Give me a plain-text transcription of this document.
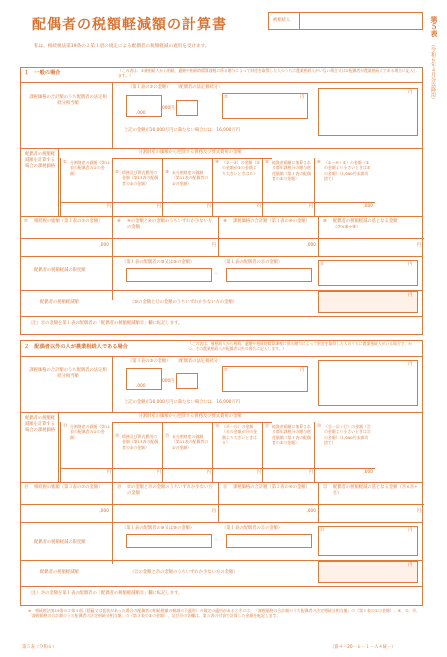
配偶者の税額軽減額の計算書	被相続人	第５表
（令和６年４月分以降用）
私は、相続税法第19条の２第１項の規定による配偶者の税額軽減の適用を受けます。
１　一般の場合	（この表は、①被相続人から相続、遺贈や相続時精算課税に係る贈与によって財産を取得した人のうちに農業相続人がいない場合又は②配偶者が農業相続人である場合に記入します。）
課税価格の合計額のうち配偶者の法定相続分相当額
（第１表の①の金額） 〔配偶者の法定相続分〕
,000
000円
⑦	円
上記の金額が16,000万円に満たない場合には、16,000万円
円
配偶者の税額軽減額を計算する場合の課税価格
分割財産の価額から控除する債務及び葬式費用の金額
① 分割財産の価額（第11表の配偶者の①の金額）
円
② 債務及び葬式費用の金額（第13表の配偶者の③の金額）
円
③ 未分割財産の価額（第11表の配偶者の②の金額）
円
④ （②－③）の金額（③の金額が②の金額より大きいときは０）
円
⑤ 純資産価額に加算される暦年課税分の贈与財産価額（第１表の配偶者の⑤の金額）
円
⑥ （①－④＋⑤）の金額（⑤の金額より小さいときは⑤の金額）（1,000円未満切捨て）
,000
⑦ 相続税の総額（第１表の⑦の金額）
,000
⑧ ④の金額と⑥の金額のうちいずれか少ない方の金額
円
⑨ 課税価格の合計額（第１表の④の金額）
,000
⑩ 配偶者の税額軽減の基となる金額（⑦×⑧÷⑨）
円
配偶者の税額軽減の限度額
（第１表の配偶者の⑨又は⑩の金額）	（第１表の配偶者の⑫の金額）
－
⑪	円
配偶者の税額軽減額	（⑩の金額と⑪の金額のうちいずれか少ない方の金額）
円
（注）⑪の金額を第１表の配偶者の「配偶者の税額軽減額⑫」欄に転記します。
２　配偶者以外の人が農業相続人である場合
（この表は、被相続人から相続、遺贈や相続時精算課税に係る贈与によって財産を取得した人のうちに農業相続人がいる場合で、かつ、その農業相続人が配偶者以外の場合に記入します。）
課税価格の合計額のうち配偶者の法定相続分相当額
（第３表の⑤の金額） 〔配偶者の法定相続分〕
,000
000円
⑦	円
上記の金額が16,000万円に満たない場合には、16,000万円
円
配偶者の税額軽減額を計算する場合の課税価格
分割財産の価額から控除する債務及び葬式費用の金額
⑬ 分割財産の価額（第11表の配偶者の①の金額）
円
⑭ 債務及び葬式費用の金額（第13表の配偶者の③の金額）
円
⑮ 未分割財産の価額（第11表の配偶者の②の金額）
円
⑯ （⑭－⑮）の金額（⑮の金額が⑭の金額より大きいときは０）
円
⑰ 純資産価額に加算される暦年課税分の贈与財産価額（第１表の配偶者の⑤の金額）
円
⑱ （⑬－⑯＋⑰）の金額（⑰の金額より小さいときは⑰の金額）（1,000円未満切捨て）
,000
⑲ 相続税の総額（第３表の⑦の金額）
,000
⑳ ⑦の金額と⑱の金額のうちいずれか少ない方の金額
円
㉑ 課税価格の合計額（第３表の④の金額）
,000
㉒ 配偶者の税額軽減の基となる金額（⑲×⑳÷㉑）
円
配偶者の税額軽減の限度額
（第１表の配偶者の⑨又は⑩の金額）	（第１表の配偶者の⑫の金額）
－
㉓	円
配偶者の税額軽減額	（㉒の金額と㉓の金額のうちいずれか少ない方の金額）
円
（注）㉔の金額を第１表の配偶者の「配偶者の税額軽減額⑫」欄に転記します。
※　相続税法第19条の２第５項（隠蔽又は仮装があった場合の配偶者の相続税額の軽減の不適用）の規定の適用があるときには、「課税価格の合計額のうち配偶者の法定相続分相当額」の（第１表の①の金額）、⑥、⑦、⑱、「課税価格の合計額のうち配偶者の法定相続分相当額」の（第３表の⑤の金額）、及び⑲の各欄は、第５表の付表で計算した金額を転記します。
第５表（令和６）	（資４－20－６－１－Ａ４統一）
